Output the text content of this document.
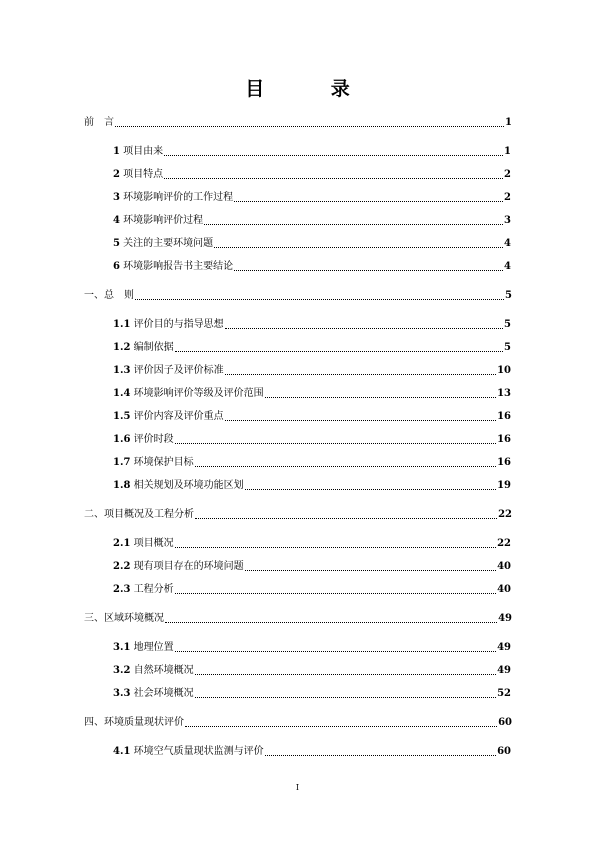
目 录
前　言	1
1 项目由来	1
2 项目特点	2
3 环境影响评价的工作过程	2
4 环境影响评价过程	3
5 关注的主要环境问题	4
6 环境影响报告书主要结论	4
一、总　则	5
1.1 评价目的与指导思想	5
1.2 编制依据	5
1.3 评价因子及评价标准	10
1.4 环境影响评价等级及评价范围	13
1.5 评价内容及评价重点	16
1.6 评价时段	16
1.7 环境保护目标	16
1.8 相关规划及环境功能区划	19
二、项目概况及工程分析	22
2.1 项目概况	22
2.2 现有项目存在的环境问题	40
2.3 工程分析	40
三、区域环境概况	49
3.1 地理位置	49
3.2 自然环境概况	49
3.3 社会环境概况	52
四、环境质量现状评价	60
4.1 环境空气质量现状监测与评价	60
I
